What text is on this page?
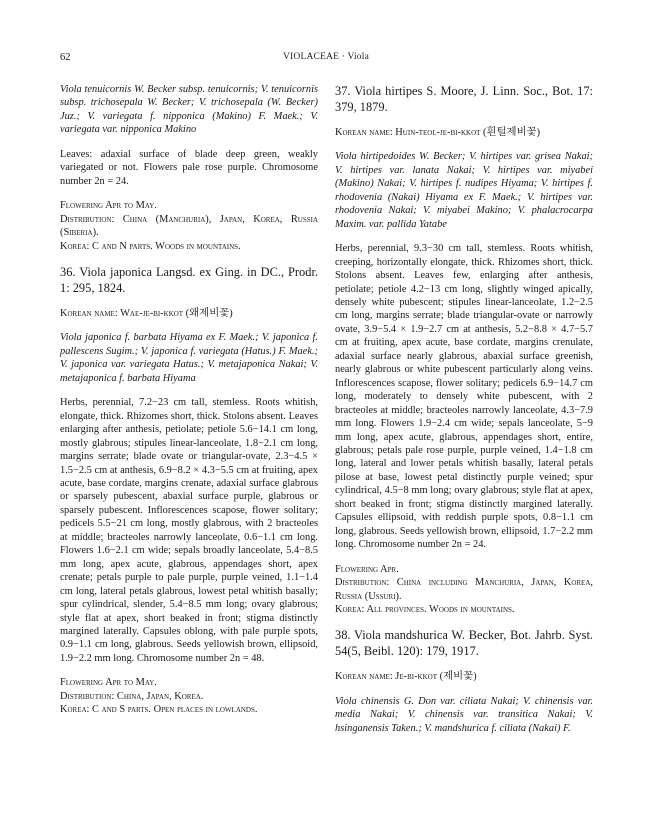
62	VIOLACEAE · Viola

Viola tenuicornis W. Becker subsp. tenuicornis; V. tenuicornis subsp. trichosepala W. Becker; V. trichosepala (W. Becker) Juz.; V. variegata f. nipponica (Makino) F. Maek.; V. variegata var. nipponica Makino

Leaves: adaxial surface of blade deep green, weakly variegated or not. Flowers pale rose purple. Chromosome number 2n = 24.

Flowering Apr to May.

Distribution: China (Manchuria), Japan, Korea, Russia (Siberia).

Korea: C and N parts. Woods in mountains.

36. Viola japonica Langsd. ex Ging. in DC., Prodr. 1: 295, 1824.

Korean name: Wae-je-bi-kkot (왜제비꽃)

Viola japonica f. barbata Hiyama ex F. Maek.; V. japonica f. pallescens Sugim.; V. japonica f. variegata (Hatus.) F. Maek.; V. japonica var. variegata Hatus.; V. metajaponica Nakai; V. metajaponica f. barbata Hiyama

Herbs, perennial, 7.2−23 cm tall, stemless. Roots whitish, elongate, thick. Rhizomes short, thick. Stolons absent. Leaves enlarging after anthesis, petiolate; petiole 5.6−14.1 cm long, mostly glabrous; stipules linear-lanceolate, 1.8−2.1 cm long, margins serrate; blade ovate or triangular-ovate, 2.3−4.5 × 1.5−2.5 cm at anthesis, 6.9−8.2 × 4.3−5.5 cm at fruiting, apex acute, base cordate, margins crenate, adaxial surface glabrous or sparsely pubescent, abaxial surface purple, glabrous or sparsely pubescent. Inflorescences scapose, flower solitary; pedicels 5.5−21 cm long, mostly glabrous, with 2 bracteoles at middle; bracteoles narrowly lanceolate, 0.6−1.1 cm long. Flowers 1.6−2.1 cm wide; sepals broadly lanceolate, 5.4−8.5 mm long, apex acute, glabrous, appendages short, apex crenate; petals purple to pale purple, purple veined, 1.1−1.4 cm long, lateral petals glabrous, lowest petal whitish basally; spur cylindrical, slender, 5.4−8.5 mm long; ovary glabrous; style flat at apex, short beaked in front; stigma distinctly margined laterally. Capsules oblong, with pale purple spots, 0.9−1.1 cm long, glabrous. Seeds yellowish brown, ellipsoid, 1.9−2.2 mm long. Chromosome number 2n = 48.

Flowering Apr to May.

Distribution: China, Japan, Korea.

Korea: C and S parts. Open places in lowlands.

37. Viola hirtipes S. Moore, J. Linn. Soc., Bot. 17: 379, 1879.

Korean name: Huin-teol-je-bi-kkot (흰털제비꽃)

Viola hirtipedoides W. Becker; V. hirtipes var. grisea Nakai; V. hirtipes var. lanata Nakai; V. hirtipes var. miyabei (Makino) Nakai; V. hirtipes f. nudipes Hiyama; V. hirtipes f. rhodovenia (Nakai) Hiyama ex F. Maek.; V. hirtipes var. rhodovenia Nakai; V. miyabei Makino; V. phalacrocarpa Maxim. var. pallida Yatabe

Herbs, perennial, 9.3−30 cm tall, stemless. Roots whitish, creeping, horizontally elongate, thick. Rhizomes short, thick. Stolons absent. Leaves few, enlarging after anthesis, petiolate; petiole 4.2−13 cm long, slightly winged apically, densely white pubescent; stipules linear-lanceolate, 1.2−2.5 cm long, margins serrate; blade triangular-ovate or narrowly ovate, 3.9−5.4 × 1.9−2.7 cm at anthesis, 5.2−8.8 × 4.7−5.7 cm at fruiting, apex acute, base cordate, margins crenulate, adaxial surface nearly glabrous, abaxial surface greenish, nearly glabrous or white pubescent particularly along veins. Inflorescences scapose, flower solitary; pedicels 6.9−14.7 cm long, moderately to densely white pubescent, with 2 bracteoles at middle; bracteoles narrowly lanceolate, 4.3−7.9 mm long. Flowers 1.9−2.4 cm wide; sepals lanceolate, 5−9 mm long, apex acute, glabrous, appendages short, entire, glabrous; petals pale rose purple, purple veined, 1.4−1.8 cm long, lateral and lower petals whitish basally, lateral petals pilose at base, lowest petal distinctly purple veined; spur cylindrical, 4.5−8 mm long; ovary glabrous; style flat at apex, short beaked in front; stigma distinctly margined laterally. Capsules ellipsoid, with reddish purple spots, 0.8−1.1 cm long, glabrous. Seeds yellowish brown, ellipsoid, 1.7−2.2 mm long. Chromosome number 2n = 24.

Flowering Apr.

Distribution: China including Manchuria, Japan, Korea, Russia (Ussuri).

Korea: All provinces. Woods in mountains.

38. Viola mandshurica W. Becker, Bot. Jahrb. Syst. 54(5, Beibl. 120): 179, 1917.

Korean name: Je-bi-kkot (제비꽃)

Viola chinensis G. Don var. ciliata Nakai; V. chinensis var. media Nakai; V. chinensis var. transitica Nakai; V. hsinganensis Taken.; V. mandshurica f. ciliata (Nakai) F.
